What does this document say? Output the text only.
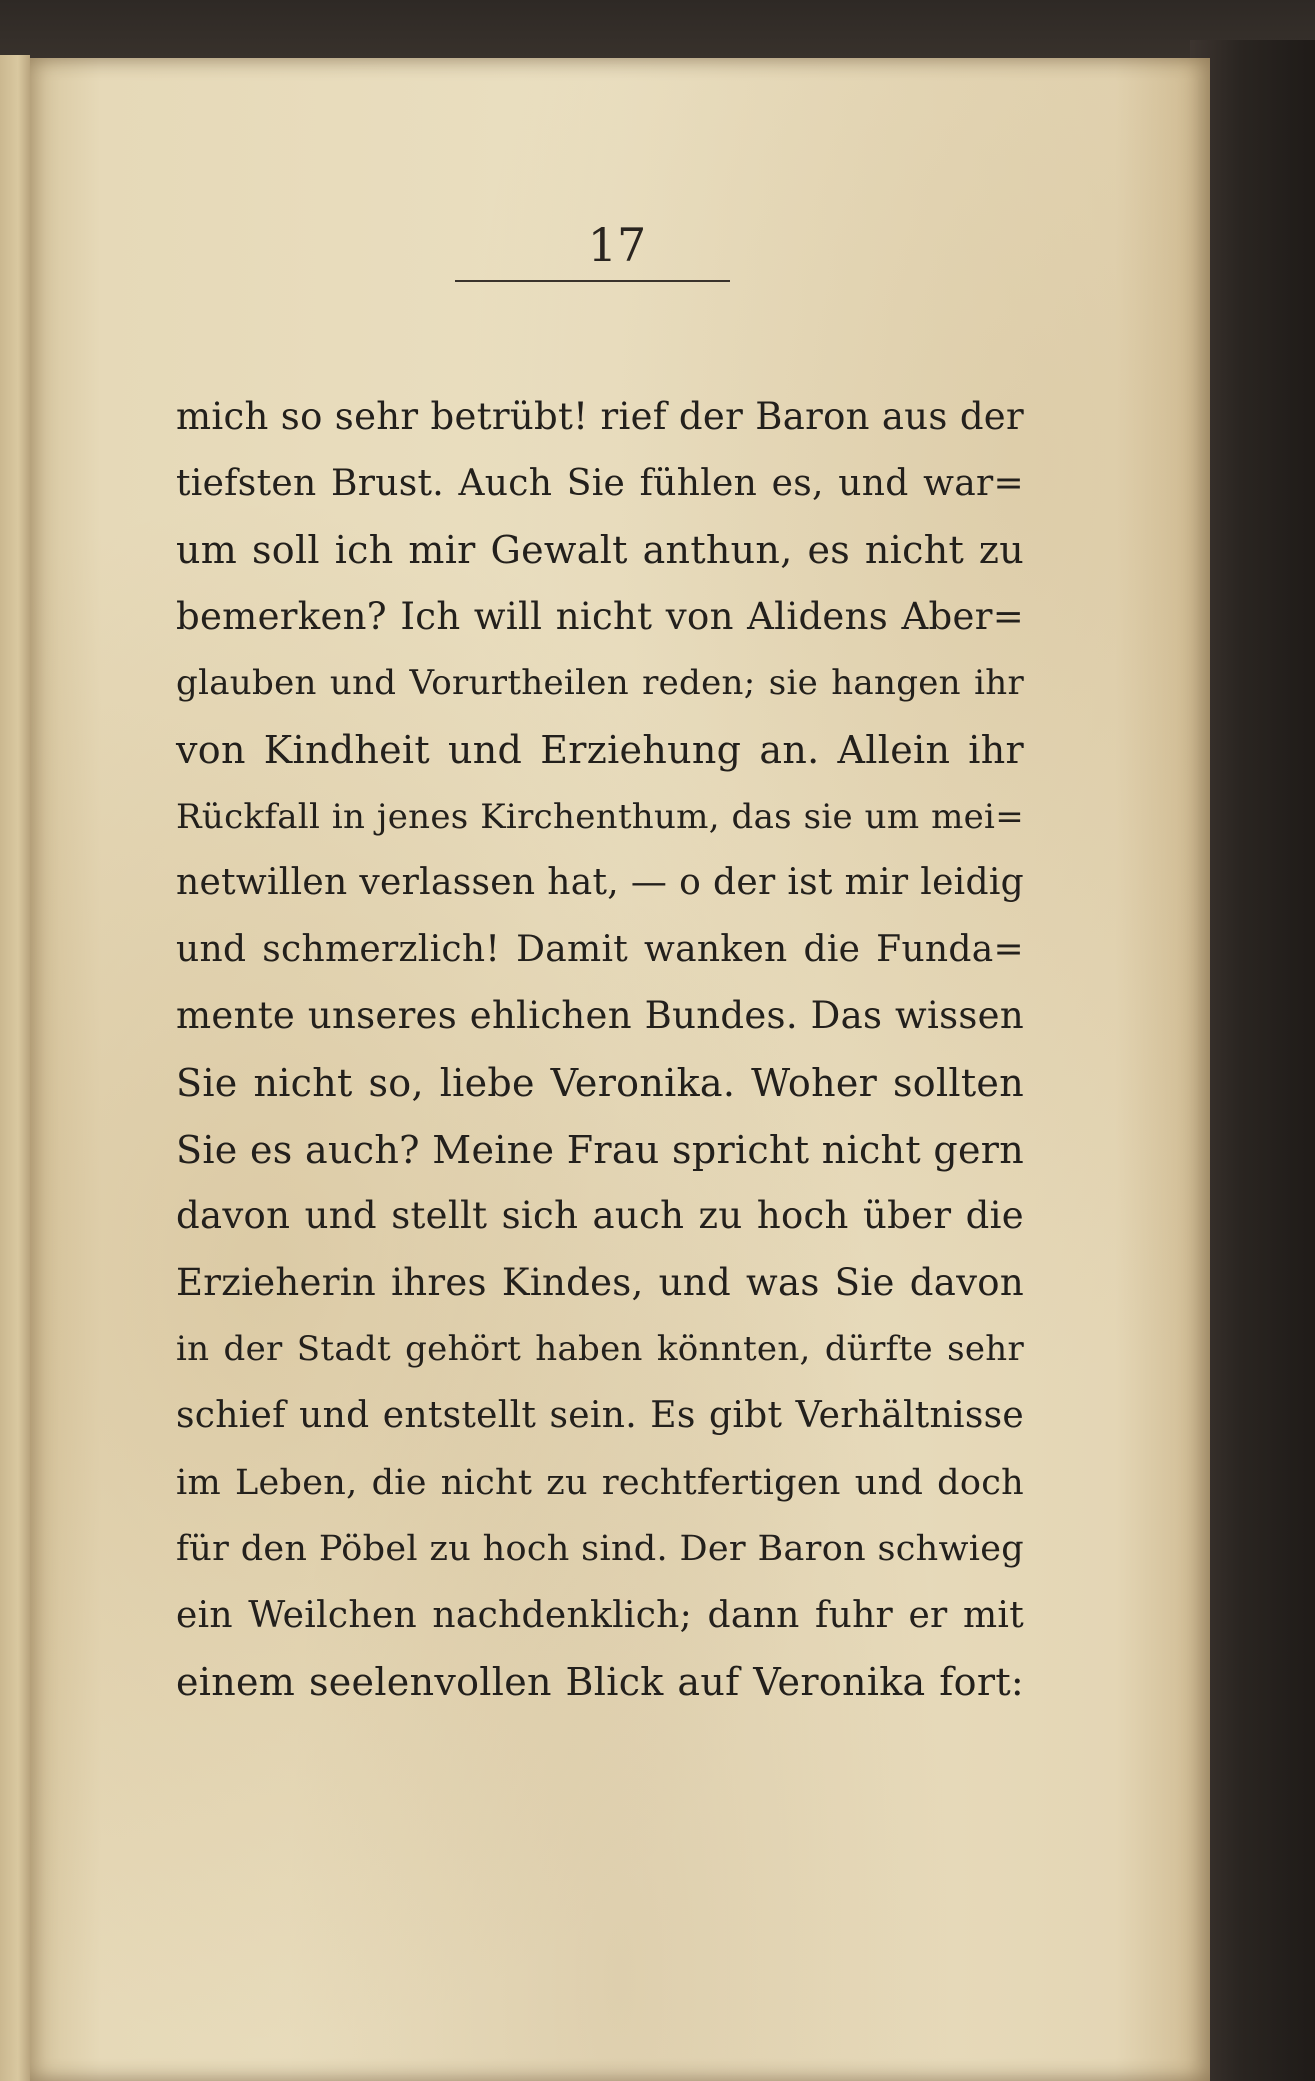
17
mich so sehr betrübt! rief der Baron aus der
tiefsten Brust. Auch Sie fühlen es, und war=
um soll ich mir Gewalt anthun, es nicht zu
bemerken? Ich will nicht von Alidens Aber=
glauben und Vorurtheilen reden; sie hangen ihr
von Kindheit und Erziehung an. Allein ihr
Rückfall in jenes Kirchenthum, das sie um mei=
netwillen verlassen hat, — o der ist mir leidig
und schmerzlich! Damit wanken die Funda=
mente unseres ehlichen Bundes. Das wissen
Sie nicht so, liebe Veronika. Woher sollten
Sie es auch? Meine Frau spricht nicht gern
davon und stellt sich auch zu hoch über die
Erzieherin ihres Kindes, und was Sie davon
in der Stadt gehört haben könnten, dürfte sehr
schief und entstellt sein. Es gibt Verhältnisse
im Leben, die nicht zu rechtfertigen und doch
für den Pöbel zu hoch sind. Der Baron schwieg
ein Weilchen nachdenklich; dann fuhr er mit
einem seelenvollen Blick auf Veronika fort:
